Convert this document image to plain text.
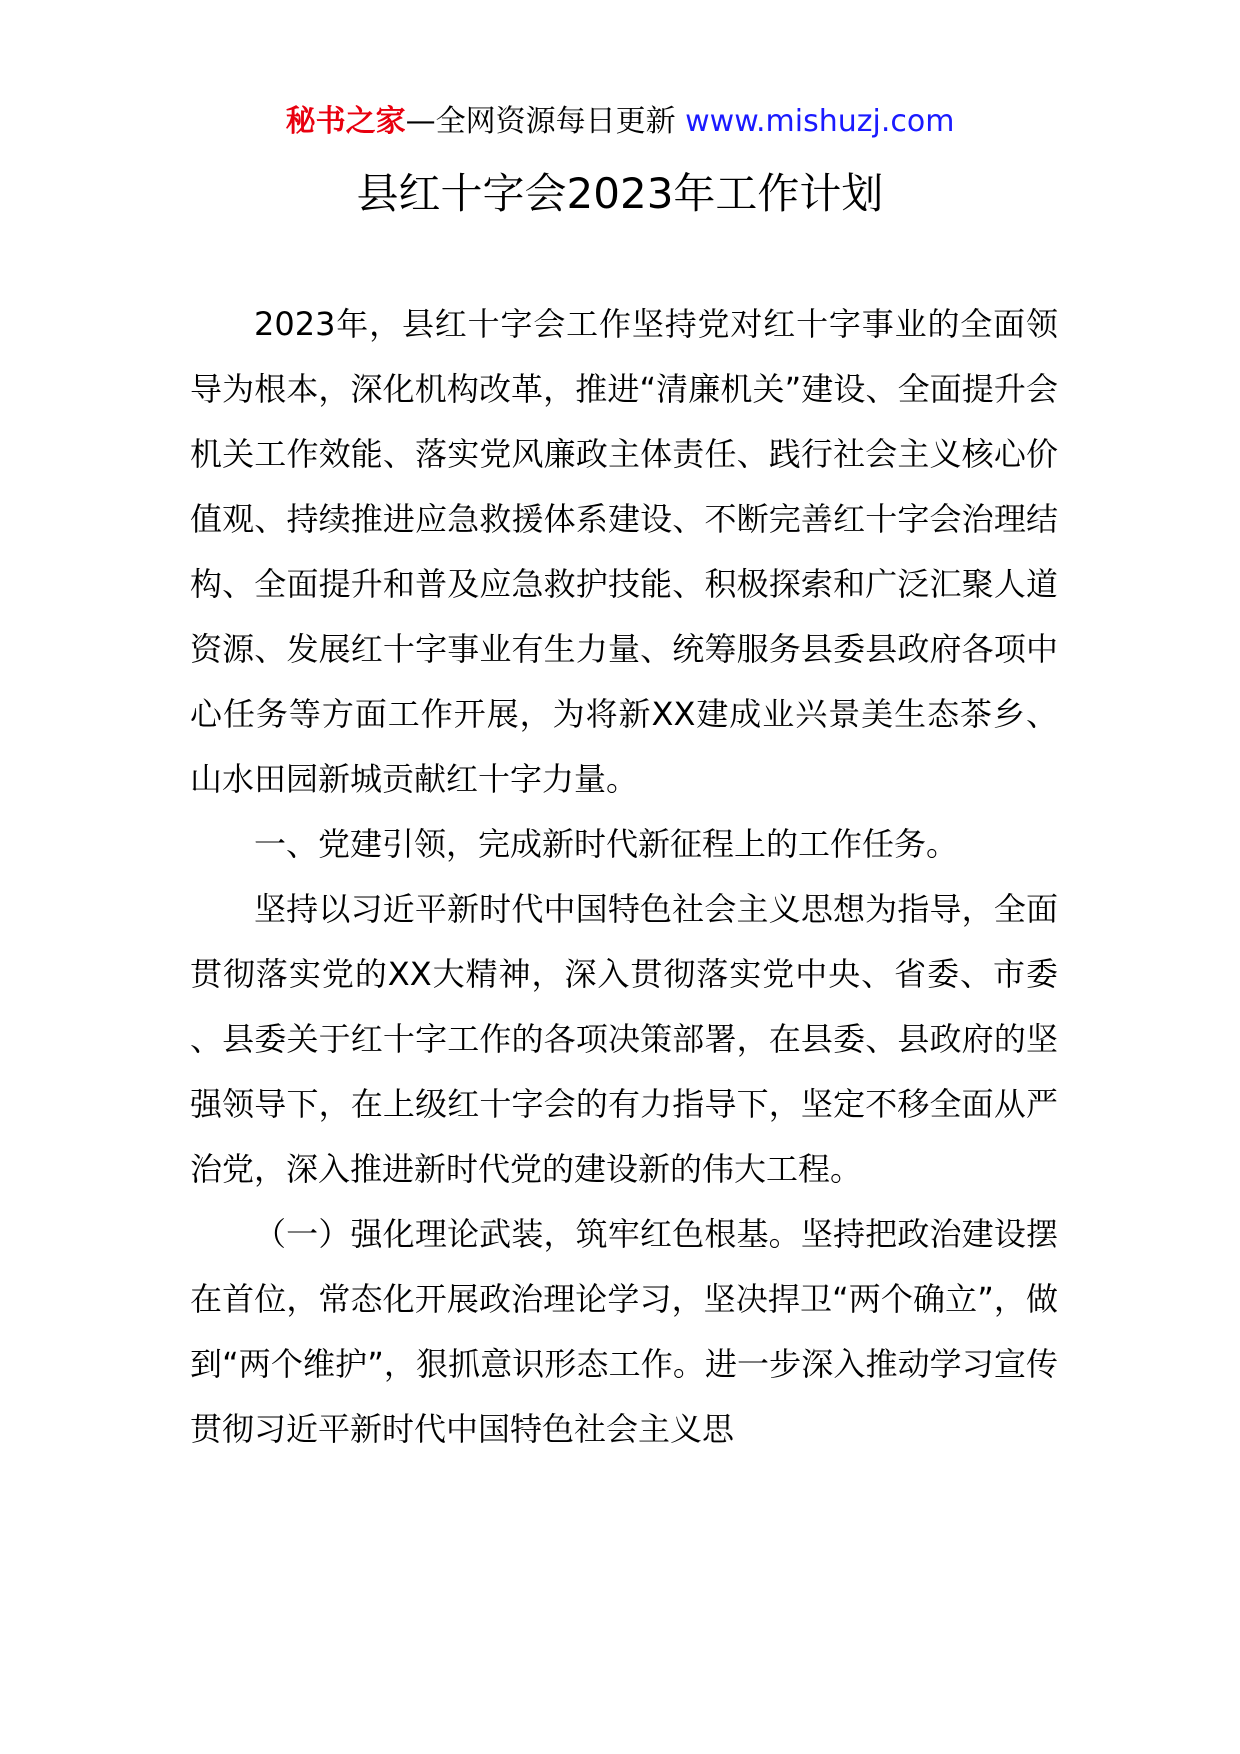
秘书之家—全网资源每日更新 www.mishuzj.com
县红十字会2023年工作计划

2023年，县红十字会工作坚持党对红十字事业的全面领导为根本，深化机构改革，推进“清廉机关”建设、全面提升会机关工作效能、落实党风廉政主体责任、践行社会主义核心价值观、持续推进应急救援体系建设、不断完善红十字会治理结构、全面提升和普及应急救护技能、积极探索和广泛汇聚人道资源、发展红十字事业有生力量、统筹服务县委县政府各项中心任务等方面工作开展，为将新XX建成业兴景美生态茶乡、山水田园新城贡献红十字力量。

一、党建引领，完成新时代新征程上的工作任务。

坚持以习近平新时代中国特色社会主义思想为指导，全面贯彻落实党的XX大精神，深入贯彻落实党中央、省委、市委、县委关于红十字工作的各项决策部署，在县委、县政府的坚强领导下，在上级红十字会的有力指导下，坚定不移全面从严治党，深入推进新时代党的建设新的伟大工程。

（一）强化理论武装，筑牢红色根基。坚持把政治建设摆在首位，常态化开展政治理论学习，坚决捍卫“两个确立”，做到“两个维护”，狠抓意识形态工作。进一步深入推动学习宣传贯彻习近平新时代中国特色社会主义思
